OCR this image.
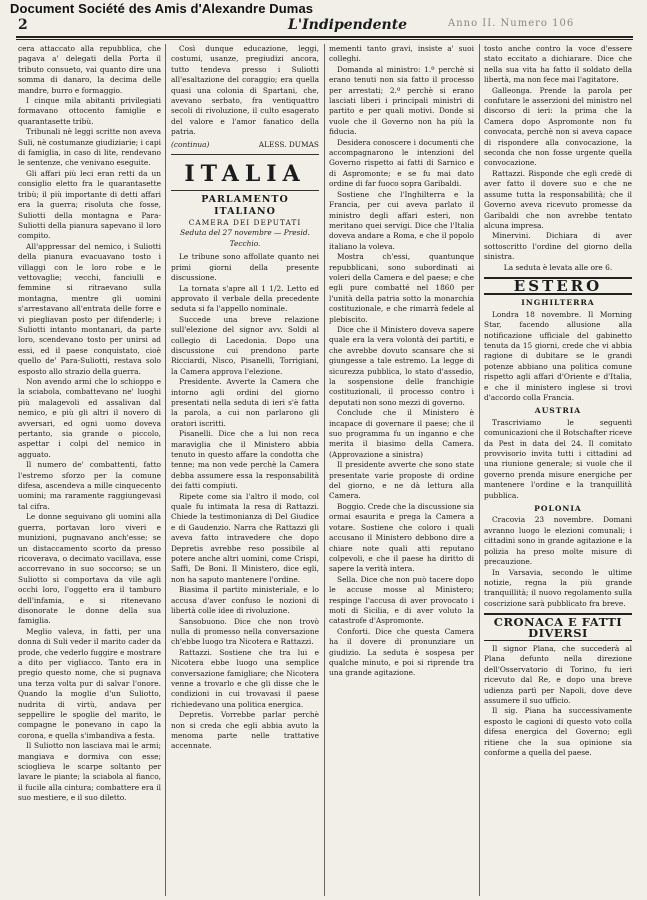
Document Société des Amis d'Alexandre Dumas
2	L'Indipendente	Anno II. Numero 106

cera attaccato alla repubblica, che pagava a' delegati della Porta il tributo consueto, vai quanto dire una somma di danaro, la decima delle mandre, burro e formaggio.

I cinque mila abitanti privilegiati formavano ottocento famiglie e quarantasette tribù.

Tribunali nè leggi scritte non aveva Suli, nè costumanze giudiziarie; i capi di famiglia, in caso di lite, rendevano le sentenze, che venivano eseguite.

Gli affari più leci eran retti da un consiglio eletto fra le quarantasette tribù; il più importante di detti affari era la guerra; risoluta che fosse, Suliotti della montagna e Para-Suliotti della pianura sapevano il loro compito.

All'appressar del nemico, i Suliotti della pianura evacuavano tosto i villaggi con le loro robe e le vettovaglie; vecchi, fanciulli e femmine si ritraevano sulla montagna, mentre gli uomini s'arrestavano all'entrata delle forre e vi piegliavan posto per difenderle; i Suliotti intanto montanari, da parte loro, scendevano tosto per unirsi ad essi, ed il paese conquistato, cioè quello de' Para-Suliotti, restava solo esposto allo strazio della guerra.

Non avendo armi che lo schioppo e la sciabola, combattevano ne' luoghi più malagevoli ed assalivan dal nemico, e più gli altri il novero di avversari, ed ogni uomo doveva pertanto, sia grande o piccolo, aspettar i colpi del nemico in agguato.

Il numero de' combattenti, fatto l'estremo sforzo per la comune difesa, ascendeva a mille cinquecento uomini; ma raramente raggiungevasi tal cifra.

Le donne seguivano gli uomini alla guerra, portavan loro viveri e munizioni, pugnavano anch'esse; se un distaccamento scorto da presso ricoverava, o decimato vacillava, esse accorrevano in suo soccorso; se un Suliotto si comportava da vile agli occhi loro, l'oggetto era il tamburo dell'infamia, e si ritenevano disonorate le donne della sua famiglia.

Meglio valeva, in fatti, per una donna di Suli veder il marito cader da prode, che vederlo fuggire e mostrare a dito per vigliacco. Tanto era in pregio questo nome, che si pugnava una terza volta pur di salvar l'onore. Quando la moglie d'un Suliotto, nudrita di virtù, andava per seppellire le spoglie del marito, le compagne le ponevano in capo la corona, e quella s'imbandiva a festa.

Il Suliotto non lasciava mai le armi; mangiava e dormiva con esse; scioglieva le scarpe soltanto per lavare le piante; la sciabola al fianco, il fucile alla cintura; combattere era il suo mestiere, e il suo diletto.

Così dunque educazione, leggi, costumi, usanze, pregiudizi ancora, tutto tendeva presso i Suliotti all'esaltazione del coraggio; era quella quasi una colonia di Spartani, che, avevano serbato, fra ventiquattro secoli di rivoluzione, il culto esagerato del valore e l'amor fanatico della patria.

(continua)	ALESS. DUMAS
ITALIA
PARLAMENTO ITALIANO
CAMERA DEI DEPUTATI
Seduta del 27 novembre — Presid. Tecchio.

Le tribune sono affollate quanto nei primi giorni della presente discussione.

La tornata s'apre all 1 1/2. Letto ed approvato il verbale della precedente seduta si fa l'appello nominale.

Succede una breve relazione sull'elezione del signor avv. Soldi al collegio di Lacedonia. Dopo una discussione cui prendono parte Ricciardi, Nisco, Pisanelli, Torrigiani, la Camera approva l'elezione.

Presidente. Avverte la Camera che intorno agli ordini del giorno presentati nella seduta di ieri s'è fatta la parola, a cui non parlarono gli oratori iscritti.

Pisanelli. Dice che a lui non reca maraviglia che il Ministero abbia tenuto in questo affare la condotta che tenne; ma non vede perchè la Camera debba assumere essa la responsabilità dei fatti compiuti.

Ripete come sia l'altro il modo, col quale fu intimata la resa di Rattazzi. Chiede la testimonianza di Del Giudice e di Gaudenzio. Narra che Rattazzi gli aveva fatto intravedere che dopo Depretis avrebbe reso possibile al potere anche altri uomini, come Crispi, Saffi, De Boni. Il Ministero, dice egli, non ha saputo mantenere l'ordine.

Biasima il partito ministeriale, e lo accusa d'aver confuso le nozioni di libertà colle idee di rivoluzione.

Sansobuono. Dice che non trovò nulla di promesso nella conversazione ch'ebbe luogo tra Nicotera e Rattazzi.

Rattazzi. Sostiene che tra lui e Nicotera ebbe luogo una semplice conversazione famigliare; che Nicotera venne a trovarlo e che gli disse che le condizioni in cui trovavasi il paese richiedevano una politica energica.

Depretis. Vorrebbe parlar perchè non si creda che egli abbia avuto la menoma parte nelle trattative accennate.

mementi tanto gravi, insiste a' suoi colleghi.

Domanda al ministro: 1.º perchè si erano tenuti non sia fatto il processo per arrestati; 2.º perchè si erano lasciati liberi i principali ministri di partito e per quali motivi. Donde si vuole che il Governo non ha più la fiducia.

Desidera conoscere i documenti che accompagnarono le intenzioni del Governo rispetto ai fatti di Sarnico e di Aspromonte; e se fu mai dato ordine di far fuoco sopra Garibaldi.

Sostiene che l'Inghilterra e la Francia, per cui aveva parlato il ministro degli affari esteri, non meritano quei servigi. Dice che l'Italia doveva andare a Roma, e che il popolo italiano la voleva.

Mostra ch'essi, quantunque repubblicani, sono subordinati ai voleri della Camera e del paese; e che egli pure combatté nel 1860 per l'unità della patria sotto la monarchia costituzionale, e che rimarrà fedele al plebiscito.

Dice che il Ministero doveva sapere quale era la vera volontà dei partiti, e che avrebbe dovuto scansare che si giungesse a tale estremo. La legge di sicurezza pubblica, lo stato d'assedio, la sospensione delle franchigie costituzionali, il processo contro i deputati non sono mezzi di governo.

Conclude che il Ministero è incapace di governare il paese; che il suo programma fu un inganno e che merita il biasimo della Camera. (Approvazione a sinistra)

Il presidente avverte che sono state presentate varie proposte di ordine del giorno, e ne dà lettura alla Camera.

Boggio. Crede che la discussione sia ormai esaurita e prega la Camera a votare. Sostiene che coloro i quali accusano il Ministero debbono dire a chiare note quali atti reputano colpevoli, e che il paese ha diritto di sapere la verità intera.

Sella. Dice che non può tacere dopo le accuse mosse al Ministero; respinge l'accusa di aver provocato i moti di Sicilia, e di aver voluto la catastrofe d'Aspromonte.

Conforti. Dice che questa Camera ha il dovere di pronunziare un giudizio. La seduta è sospesa per qualche minuto, e poi si riprende tra una grande agitazione.

tosto anche contro la voce d'essere stato eccitato a dichiarare. Dice che nella sua vita ha fatto il soldato della libertà, ma non fece mai l'agitatore.

Galleonga. Prende la parola per confutare le asserzioni del ministro nel discorso di ieri: la prima che la Camera dopo Aspromonte non fu convocata, perchè non si aveva capace di rispondere alla convocazione, la seconda che non fosse urgente quella convocazione.

Rattazzi. Risponde che egli credè di aver fatto il dovere suo e che ne assume tutta la responsabilità; che il Governo aveva ricevuto promesse da Garibaldi che non avrebbe tentato alcuna impresa.

Minervini. Dichiara di aver sottoscritto l'ordine del giorno della sinistra.

La seduta è levata alle ore 6.

ESTERO
INGHILTERRA

Londra 18 novembre. Il Morning Star, facendo allusione alla notificazione ufficiale del gabinetto tenuta da 15 giorni, crede che vi abbia ragione di dubitare se le grandi potenze abbiano una politica comune rispetto agli affari d'Oriente e d'Italia, e che il ministero inglese si trovi d'accordo colla Francia.

AUSTRIA

Trascriviamo le seguenti comunicazioni che il Botschafter riceve da Pest in data del 24. Il comitato provvisorio invita tutti i cittadini ad una riunione generale; si vuole che il governo prenda misure energiche per mantenere l'ordine e la tranquillità pubblica.

POLONIA

Cracovia 23 novembre. Domani avranno luogo le elezioni comunali; i cittadini sono in grande agitazione e la polizia ha preso molte misure di precauzione.

In Varsavia, secondo le ultime notizie, regna la più grande tranquillità; il nuovo regolamento sulla coscrizione sarà pubblicato fra breve.

CRONACA E FATTI DIVERSI

Il signor Plana, che succederà al Plana defunto nella direzione dell'Osservatorio di Torino, fu ieri ricevuto dal Re, e dopo una breve udienza partì per Napoli, dove deve assumere il suo ufficio.

Il sig. Piana ha successivamente esposto le cagioni di questo voto colla difesa energica del Governo; egli ritiene che la sua opinione sia conforme a quella del paese.
